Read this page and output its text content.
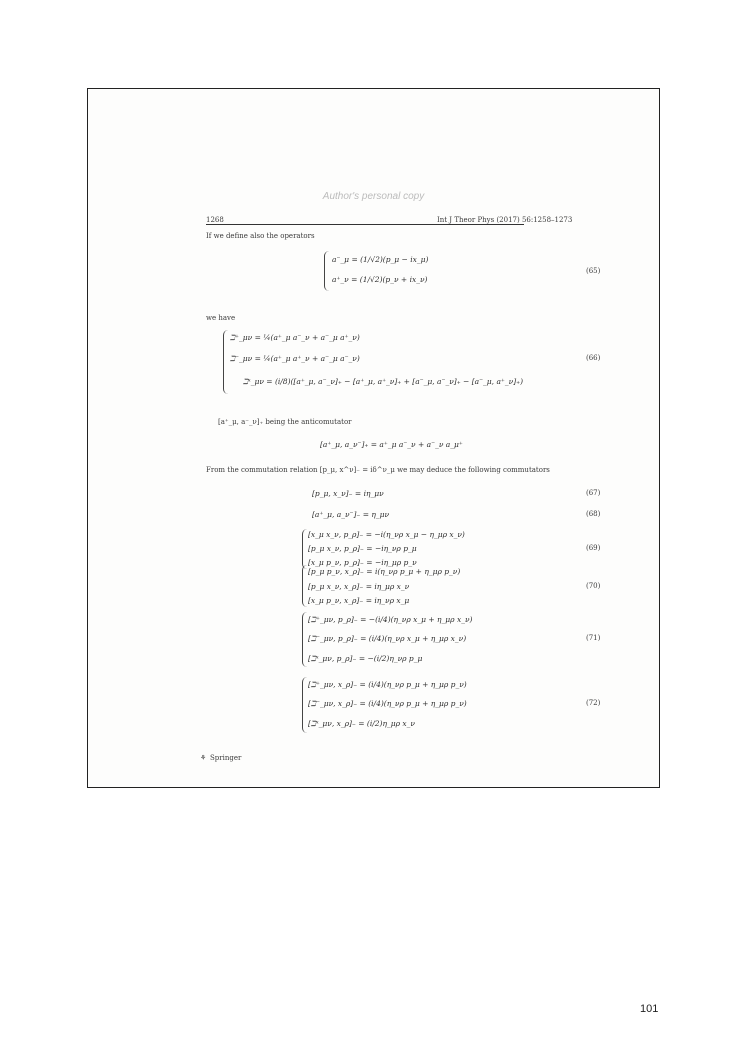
Author's personal copy
1268	Int J Theor Phys (2017) 56:1258–1273
If we define also the operators
a⁻_μ = (1/√2)(p_μ − ix_μ)
a⁺_ν = (1/√2)(p_ν + ix_ν)
(65)
we have
ℶ⁺_μν = ¼(a⁺_μ a⁻_ν + a⁻_μ a⁺_ν)
ℶ⁻_μν = ¼(a⁺_μ a⁺_ν + a⁻_μ a⁻_ν)
ℶˣ_μν = (i/8)([a⁺_μ, a⁻_ν]₊ − [a⁺_μ, a⁺_ν]₊ + [a⁻_μ, a⁻_ν]₊ − [a⁻_μ, a⁺_ν]₊)
(66)
[a⁺_μ, a⁻_ν]₊ being the anticomutator
[a⁺_μ, a_ν⁻]₊ = a⁺_μ a⁻_ν + a⁻_ν a_μ⁺
From the commutation relation [p_μ, x^ν]₋ = iδ^ν_μ we may deduce the following commutators
[p_μ, x_ν]₋ = iη_μν	(67)
[a⁺_μ, a_ν⁻]₋ = η_μν	(68)
[x_μ x_ν, p_ρ]₋ = −i(η_νρ x_μ − η_μρ x_ν)
[p_μ x_ν, p_ρ]₋ = −iη_νρ p_μ
[x_μ p_ν, p_ρ]₋ = −iη_μρ p_ν
(69)
[p_μ p_ν, x_ρ]₋ = i(η_νρ p_μ + η_μρ p_ν)
[p_μ x_ν, x_ρ]₋ = iη_μρ x_ν
[x_μ p_ν, x_ρ]₋ = iη_νρ x_μ
(70)
[ℶ⁺_μν, p_ρ]₋ = −(i/4)(η_νρ x_μ + η_μρ x_ν)
[ℶ⁻_μν, p_ρ]₋ = (i/4)(η_νρ x_μ + η_μρ x_ν)
[ℶˣ_μν, p_ρ]₋ = −(i/2)η_νρ p_μ
(71)
[ℶ⁺_μν, x_ρ]₋ = (i/4)(η_νρ p_μ + η_μρ p_ν)
[ℶ⁻_μν, x_ρ]₋ = (i/4)(η_νρ p_μ + η_μρ p_ν)
[ℶˣ_μν, x_ρ]₋ = (i/2)η_μρ x_ν
(72)
⚘ Springer
101
